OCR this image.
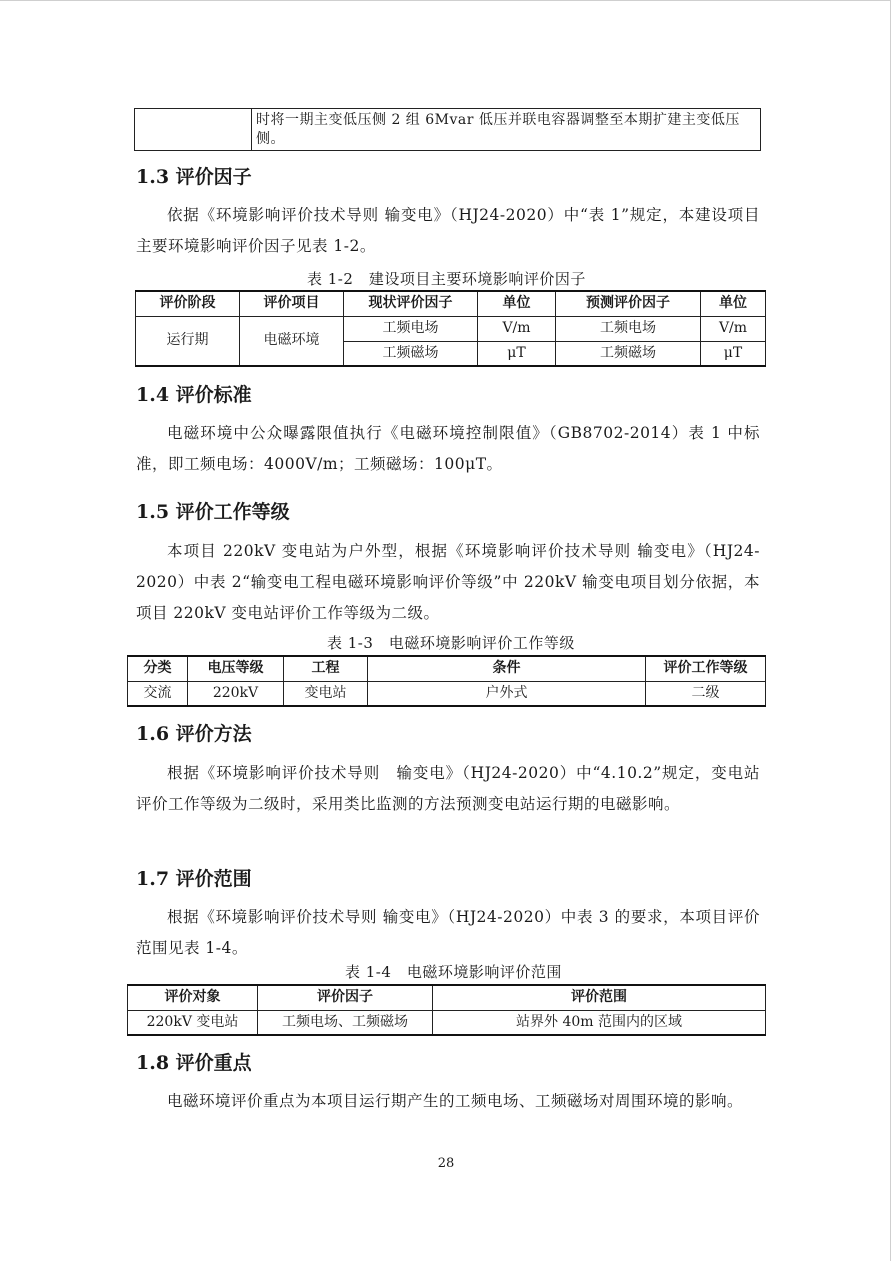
	时将一期主变低压侧 2 组 6Mvar 低压并联电容器调整至本期扩建主变低压侧。
1.3 评价因子
依据《环境影响评价技术导则 输变电》（HJ24-2020）中“表 1”规定，本建设项目主要环境影响评价因子见表 1-2。
表 1-2　建设项目主要环境影响评价因子
评价阶段	评价项目	现状评价因子	单位	预测评价因子	单位
运行期	电磁环境	工频电场	V/m	工频电场	V/m
		工频磁场	μT	工频磁场	μT
1.4 评价标准
电磁环境中公众曝露限值执行《电磁环境控制限值》（GB8702-2014）表 1 中标准，即工频电场：4000V/m；工频磁场：100μT。
1.5 评价工作等级
本项目 220kV 变电站为户外型，根据《环境影响评价技术导则 输变电》（HJ24-2020）中表 2“输变电工程电磁环境影响评价等级”中 220kV 输变电项目划分依据，本项目 220kV 变电站评价工作等级为二级。
表 1-3　电磁环境影响评价工作等级
分类	电压等级	工程	条件	评价工作等级
交流	220kV	变电站	户外式	二级
1.6 评价方法
根据《环境影响评价技术导则　输变电》（HJ24-2020）中“4.10.2”规定，变电站评价工作等级为二级时，采用类比监测的方法预测变电站运行期的电磁影响。
1.7 评价范围
根据《环境影响评价技术导则 输变电》（HJ24-2020）中表 3 的要求，本项目评价范围见表 1-4。
表 1-4　电磁环境影响评价范围
评价对象	评价因子	评价范围
220kV 变电站	工频电场、工频磁场	站界外 40m 范围内的区域
1.8 评价重点
电磁环境评价重点为本项目运行期产生的工频电场、工频磁场对周围环境的影响。
28
